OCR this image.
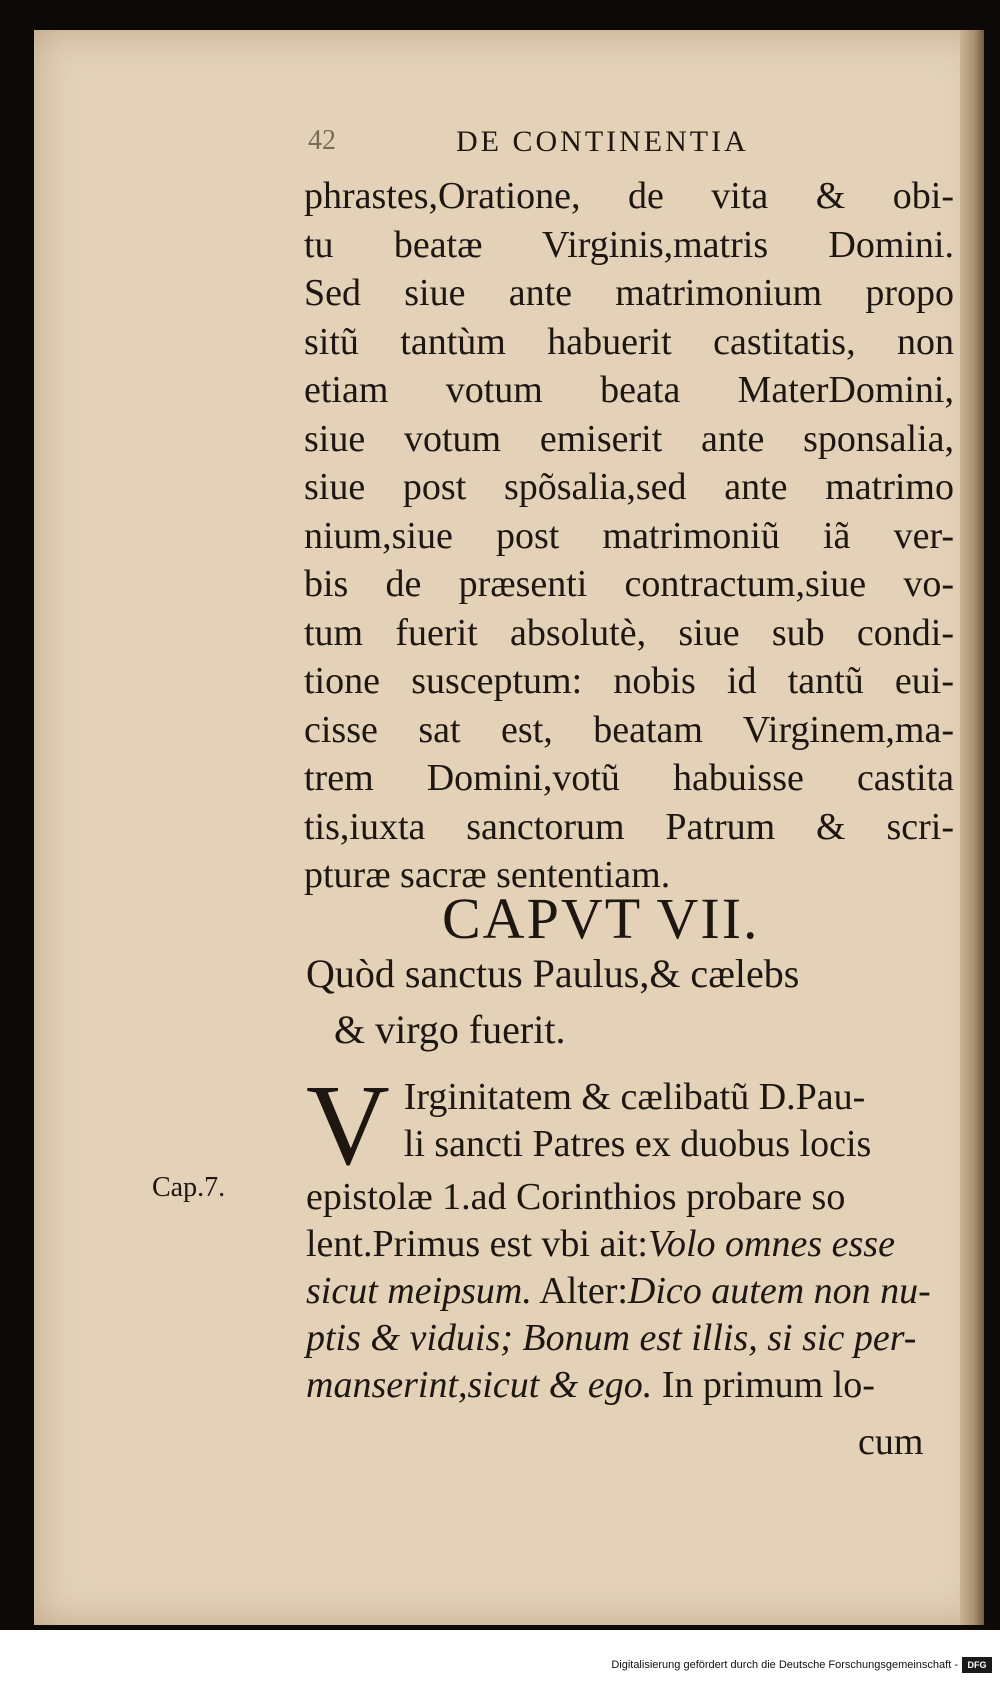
42	DE CONTINENTIA
phrastes,Oratione, de vita & obi-
tu beatæ Virginis,matris Domini.
Sed siue ante matrimonium propo
sitũ tantùm habuerit castitatis, non
etiam votum beata MaterDomini,
siue votum emiserit ante sponsalia,
siue post spõsalia,sed ante matrimo
nium,siue post matrimoniũ iã ver-
bis de præsenti contractum,siue vo-
tum fuerit absolutè, siue sub condi-
tione susceptum: nobis id tantũ eui-
cisse sat est, beatam Virginem,ma-
trem Domini,votũ habuisse castita
tis,iuxta sanctorum Patrum & scri-
pturæ sacræ sententiam.
CAPVT VII.
Quòd sanctus Paulus,& cælebs
& virgo fuerit.
V Irginitatem & cælibatũ D.Pau-
li sancti Patres ex duobus locis
epistolæ 1.ad Corinthios probare so
lent.Primus est vbi ait:Volo omnes esse
sicut meipsum. Alter:Dico autem non nu-
ptis & viduis; Bonum est illis, si sic per-
manserint,sicut & ego. In primum lo-
Cap.7.
cum
Digitalisierung gefördert durch die Deutsche Forschungsgemeinschaft -	DFG
